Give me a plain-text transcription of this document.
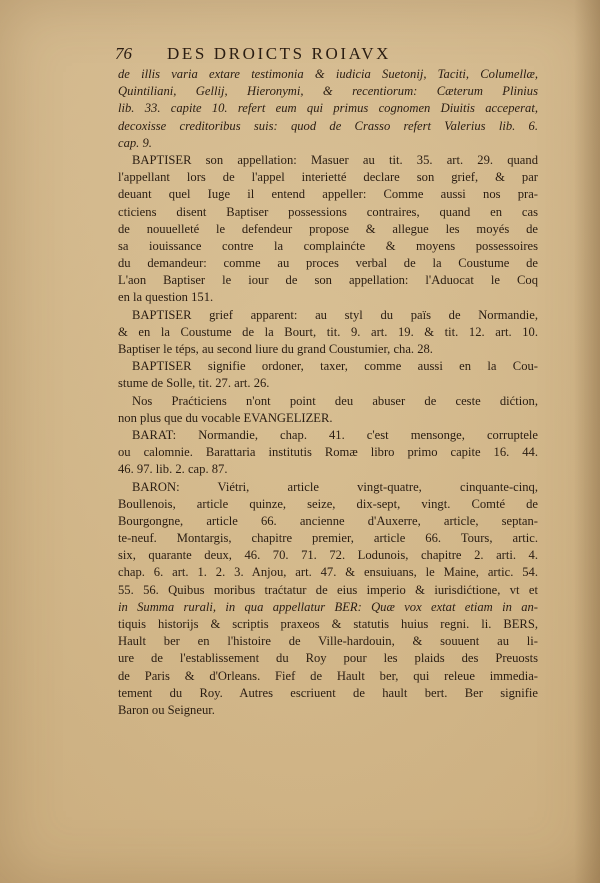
76	DES DROICTS ROIAVX
de illis varia extare testimonia & iudicia Suetonij, Taciti, Columellæ,
Quintiliani, Gellij, Hieronymi, & recentiorum: Cæterum Plinius
lib. 33. capite 10. refert eum qui primus cognomen Diuitis acceperat,
decoxisse creditoribus suis: quod de Crasso refert Valerius lib. 6.
cap. 9.
BAPTISER son appellation: Masuer au tit. 35. art. 29. quand
l'appellant lors de l'appel interietté declare son grief, & par
deuant quel Iuge il entend appeller: Comme aussi nos pra-
cticiens disent Baptiser possessions contraires, quand en cas
de nouuelleté le defendeur propose & allegue les moyés de
sa iouissance contre la complainćte & moyens possessoires
du demandeur: comme au proces verbal de la Coustume de
L'aon Baptiser le iour de son appellation: l'Aduocat le Coq
en la question 151.
BAPTISER grief apparent: au styl du païs de Normandie,
& en la Coustume de la Bourt, tit. 9. art. 19. & tit. 12. art. 10.
Baptiser le téps, au second liure du grand Coustumier, cha. 28.
BAPTISER signifie ordoner, taxer, comme aussi en la Cou-
stume de Solle, tit. 27. art. 26.
Nos Praćticiens n'ont point deu abuser de ceste dićtion,
non plus que du vocable EVANGELIZER.
BARAT: Normandie, chap. 41. c'est mensonge, corruptele
ou calomnie. Barattaria institutis Romæ libro primo capite 16. 44.
46. 97. lib. 2. cap. 87.
BARON: Viétri, article vingt-quatre, cinquante-cinq,
Boullenois, article quinze, seize, dix-sept, vingt. Comté de
Bourgongne, article 66. ancienne d'Auxerre, article, septan-
te-neuf. Montargis, chapitre premier, article 66. Tours, artic.
six, quarante deux, 46. 70. 71. 72. Lodunois, chapitre 2. arti. 4.
chap. 6. art. 1. 2. 3. Anjou, art. 47. & ensuiuans, le Maine, artic. 54.
55. 56. Quibus moribus traćtatur de eius imperio & iurisdićtione, vt et
in Summa rurali, in qua appellatur BER: Quæ vox extat etiam in an-
tiquis historijs & scriptis praxeos & statutis huius regni. li. BERS,
Hault ber en l'histoire de Ville-hardouin, & souuent au li-
ure de l'establissement du Roy pour les plaids des Preuosts
de Paris & d'Orleans. Fief de Hault ber, qui releue immedia-
tement du Roy. Autres escriuent de hault bert. Ber signifie
Baron ou Seigneur.
